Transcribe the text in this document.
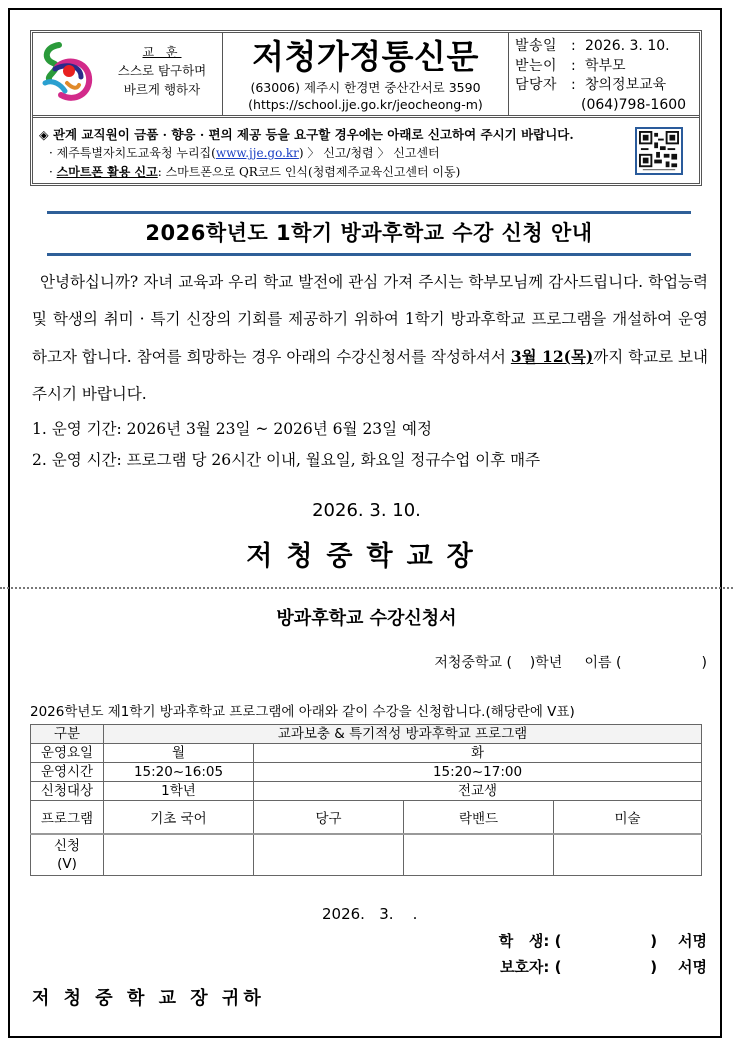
교 훈
스스로 탐구하며
바르게 행하자
저청가정통신문
(63006) 제주시 한경면 중산간서로 3590
(https://school.jje.go.kr/jeocheong-m)
발송일 : 2026. 3. 10.
받는이 : 학부모
담당자 : 창의정보교육
(064)798-1600
◈ 관계 교직원이 금품 · 향응 · 편의 제공 등을 요구할 경우에는 아래로 신고하여 주시기 바랍니다.
· 제주특별자치도교육청 누리집(www.jje.go.kr) 〉 신고/청렴 〉 신고센터
· 스마트폰 활용 신고: 스마트폰으로 QR코드 인식(청렴제주교육신고센터 이동)
2026학년도 1학기 방과후학교 수강 신청 안내
안녕하십니까? 자녀 교육과 우리 학교 발전에 관심 가져 주시는 학부모님께 감사드립니다. 학업능력 및 학생의 취미 · 특기 신장의 기회를 제공하기 위하여 1학기 방과후학교 프로그램을 개설하여 운영하고자 합니다. 참여를 희망하는 경우 아래의 수강신청서를 작성하셔서 3월 12(목)까지 학교로 보내주시기 바랍니다.
1. 운영 기간: 2026년 3월 23일 ~ 2026년 6월 23일 예정
2. 운영 시간: 프로그램 당 26시간 이내, 월요일, 화요일 정규수업 이후 매주
2026. 3. 10.
저청중학교장
방과후학교 수강신청서
저청중학교 (    )학년     이름 (                  )
2026학년도 제1학기 방과후학교 프로그램에 아래와 같이 수강을 신청합니다.(해당란에 V표)
구분	교과보충 & 특기적성 방과후학교 프로그램			
운영요일	월	화		
운영시간	15:20~16:05	15:20~17:00		
신청대상	1학년	전교생		
프로그램	기초 국어	당구	락밴드	미술

신청
(V)				

2026.   3.    .
학   생: (                 )    서명
보호자: (                 )    서명
저 청 중 학 교 장 귀하
